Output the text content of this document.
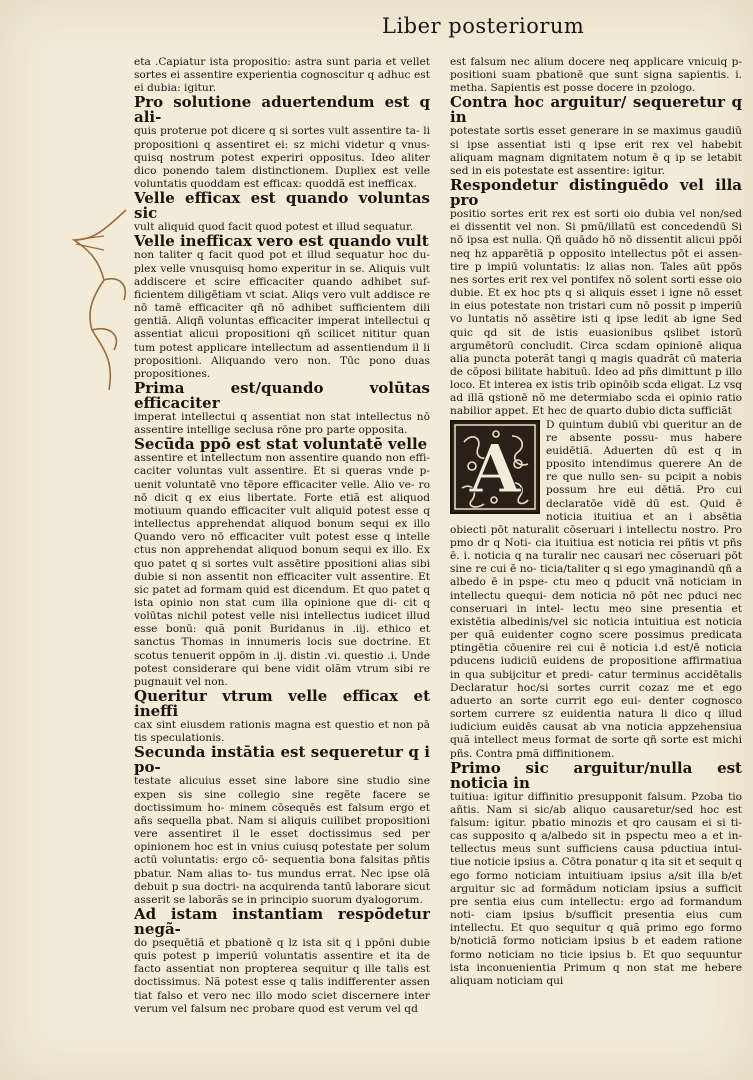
Liber posteriorum

eta .Capiatur ista propositio: astra sunt paria et vellet sortes ei assentire experientia cognoscitur q adhuc est ei dubia: igitur.

Pro solutione aduertendum est q ali-

quis proterue pot dicere q si sortes vult assentire ta- li propositioni q assentiret ei: sz michi videtur q vnus- quisq nostrum potest experiri oppositus. Ideo aliter dico ponendo talem distinctionem. Dupliex est velle voluntatis quoddam est efficax: quoddã est inefficax.

Velle efficax est quando voluntas sic

vult aliquid quod facit quod potest et illud sequatur.

Velle inefficax vero est quando vult

non taliter q facit quod pot et illud sequatur hoc du- plex velle vnusquisq homo experitur in se. Aliquis vult addiscere et scire efficaciter quando adhibet suf- ficientem diligētiam vt sciat. Aliqs vero vult addisce re nō tamē efficaciter qñ nō adhibet sufficientem dili gentiã. Aliqñ voluntas efficaciter imperat intellectui q assentiat alicui propositioni qñ scilicet nititur quan tum potest applicare intellectum ad assentiendum il li propositioni. Aliquando vero non. Tūc pono duas propositiones.

Prima est/quando volūtas efficaciter

imperat intellectui q assentiat non stat intellectus nō assentire intellige seclusa rōne pro parte opposita.

Secūda ppō est stat voluntatē velle

assentire et intellectum non assentire quando non effi- caciter voluntas vult assentire. Et si queras vnde p- uenit voluntatē vno tēpore efficaciter velle. Alio ve- ro nō dicit q ex eius libertate. Forte etiã est aliquod motiuum quando efficaciter vult aliquid potest esse q intellectus apprehendat aliquod bonum sequi ex illo Quando vero nō efficaciter vult potest esse q intelle ctus non apprehendat aliquod bonum sequi ex illo. Ex quo patet q si sortes vult assētire ppositioni alias sibi dubie si non assentit non efficaciter vult assentire. Et sic patet ad formam quid est dicendum. Et quo patet q ista opinio non stat cum illa opinione que di- cit q volūtas nichil potest velle nisi intellectus iudicet illud esse bonū: quã ponit Buridanus in .iij. ethico et sanctus Thomas in innumeris locis sue doctrine. Et scotus tenuerit oppōm in .ij. distin .vi. questio .i. Unde potest considerare qui bene vidit olãm vtrum sibi re pugnauit vel non.

Queritur vtrum velle efficax et ineffi

cax sint eiusdem rationis magna est questio et non pā tis speculationis.

Secunda instātia est sequeretur q i po-

testate alicuius esset sine labore sine studio sine expen sis sine collegio sine regēte facere se doctissimum ho- minem cōsequēs est falsum ergo et añs sequella pbat. Nam si aliquis cuilibet propositioni vere assentiret il le esset doctissimus sed per opinionem hoc est in vnius cuiusq potestate per solum actū voluntatis: ergo cō- sequentia bona falsitas pñtis pbatur. Nam alias to- tus mundus errat. Nec ipse olã debuit p sua doctri- na acquirenda tantū laborare sicut asserit se laborãs se in principio suorum dyalogorum.

Ad istam instantiam respōdetur negã-

do psequētiã et pbationē q lz ista sit q i ppōni dubie quis potest p imperiū voluntatis assentire et ita de facto assentiat non propterea sequitur q ille talis est doctissimus. Nã potest esse q talis indifferenter assen tiat falso et vero nec illo modo sciet discernere inter verum vel falsum nec probare quod est verum vel qd

est falsum nec alium docere neq applicare vnicuiq p- positioni suam pbationē que sunt signa sapientis. i. metha. Sapientis est posse docere in pzologo.

Contra hoc arguitur/ sequeretur q in

potestate sortis esset generare in se maximus gaudiū si ipse assentiat isti q ipse erit rex vel habebit aliquam magnam dignitatem notum ē q ip se letabit sed in eis potestate est assentire: igitur.

Respondetur distinguēdo vel illa pro

positio sortes erit rex est sorti oio dubia vel non/sed ei dissentit vel non. Si pmū/illatū est concedendū Si nō ipsa est nulla. Qñ quādo hō nō dissentit alicui ppōi neq hz apparētiã p opposito intellectus pōt ei assen- tire p impiū voluntatis: lz alias non. Tales aūt ppōs nes sortes erit rex vel pontifex nō solent sorti esse oio dubie. Et ex hoc pts q si aliquis esset i igne nō esset in eius potestate non tristari cum nō possit p imperiū vo luntatis nō assētire isti q ipse ledit ab igne Sed quic qd sit de istis euasionibus qslibet istorū argumētorū concludit. Circa scdam opinionē aliqua alia puncta poterãt tangi q magis quadrãt cū materia de cōposi bilitate habituū. Ideo ad pñs dimittunt p illo loco. Et interea ex istis trib opinōib scda eligat. Lz vsq ad illã qstionē nō me determiabo scda ei opinio ratio nabilior appet. Et hec de quarto dubio dicta sufficiãt

A
D quintum dubiū vbi queritur an de re absente possu- mus habere euidētiã. Aduerten dū est q in pposito intendimus querere An de re que nullo sen- su pcipit a nobis possum hre eui dētiã. Pro cui declaratōe vidē dū est. Quid ē noticia ituitiua et an i absētia obiecti pōt naturalit cōseruari i intellectu nostro. Pro pmo dr q Noti- cia ituitiua est noticia rei pñtis vt pñs ē. i. noticia q na turalir nec causari nec cōseruari pōt sine re cui ē no- ticia/taliter q si ego ymaginandū qñ a albedo ē in pspe- ctu meo q pducit vnã noticiam in intellectu quequi- dem noticia nō pōt nec pduci nec conseruari in intel- lectu meo sine presentia et existētia albedinis/vel sic noticia intuitiua est noticia per quã euidenter cogno scere possimus predicata ptingētia cōuenire rei cui ē noticia i.d est/ē noticia pducens iudiciū euidens de propositione affirmatiua in qua subijcitur et predi- catur terminus accidētalis Declaratur hoc/si sortes currit cozaz me et ego aduerto an sorte currit ego eui- denter cognosco sortem currere sz euidentia natura li dico q illud iudicium euidēs causat ab vna noticia appzehensiua quã intellect meus format de sorte qñ sorte est michi pñs. Contra pmã diffinitionem.

Primo sic arguitur/nulla est noticia in

tuitiua: igitur diffinitio presupponit falsum. Pzoba tio añtis. Nam si sic/ab aliquo causaretur/sed hoc est falsum: igitur. pbatio minozis et qro causam ei si ti- cas supposito q a/albedo sit in pspectu meo a et in- tellectus meus sunt sufficiens causa pductiua intui- tiue noticie ipsius a. Cōtra ponatur q ita sit et sequit q ego formo noticiam intuitiuam ipsius a/sit illa b/et arguitur sic ad formādum noticiam ipsius a sufficit pre sentia eius cum intellectu: ergo ad formandum noti- ciam ipsius b/sufficit presentia eius cum intellectu. Et quo sequitur q quã primo ego formo b/noticiã formo noticiam ipsius b et eadem ratione formo noticiam no ticie ipsius b. Et quo sequuntur ista inconuenientia Primum q non stat me hebere aliquam noticiam qui
